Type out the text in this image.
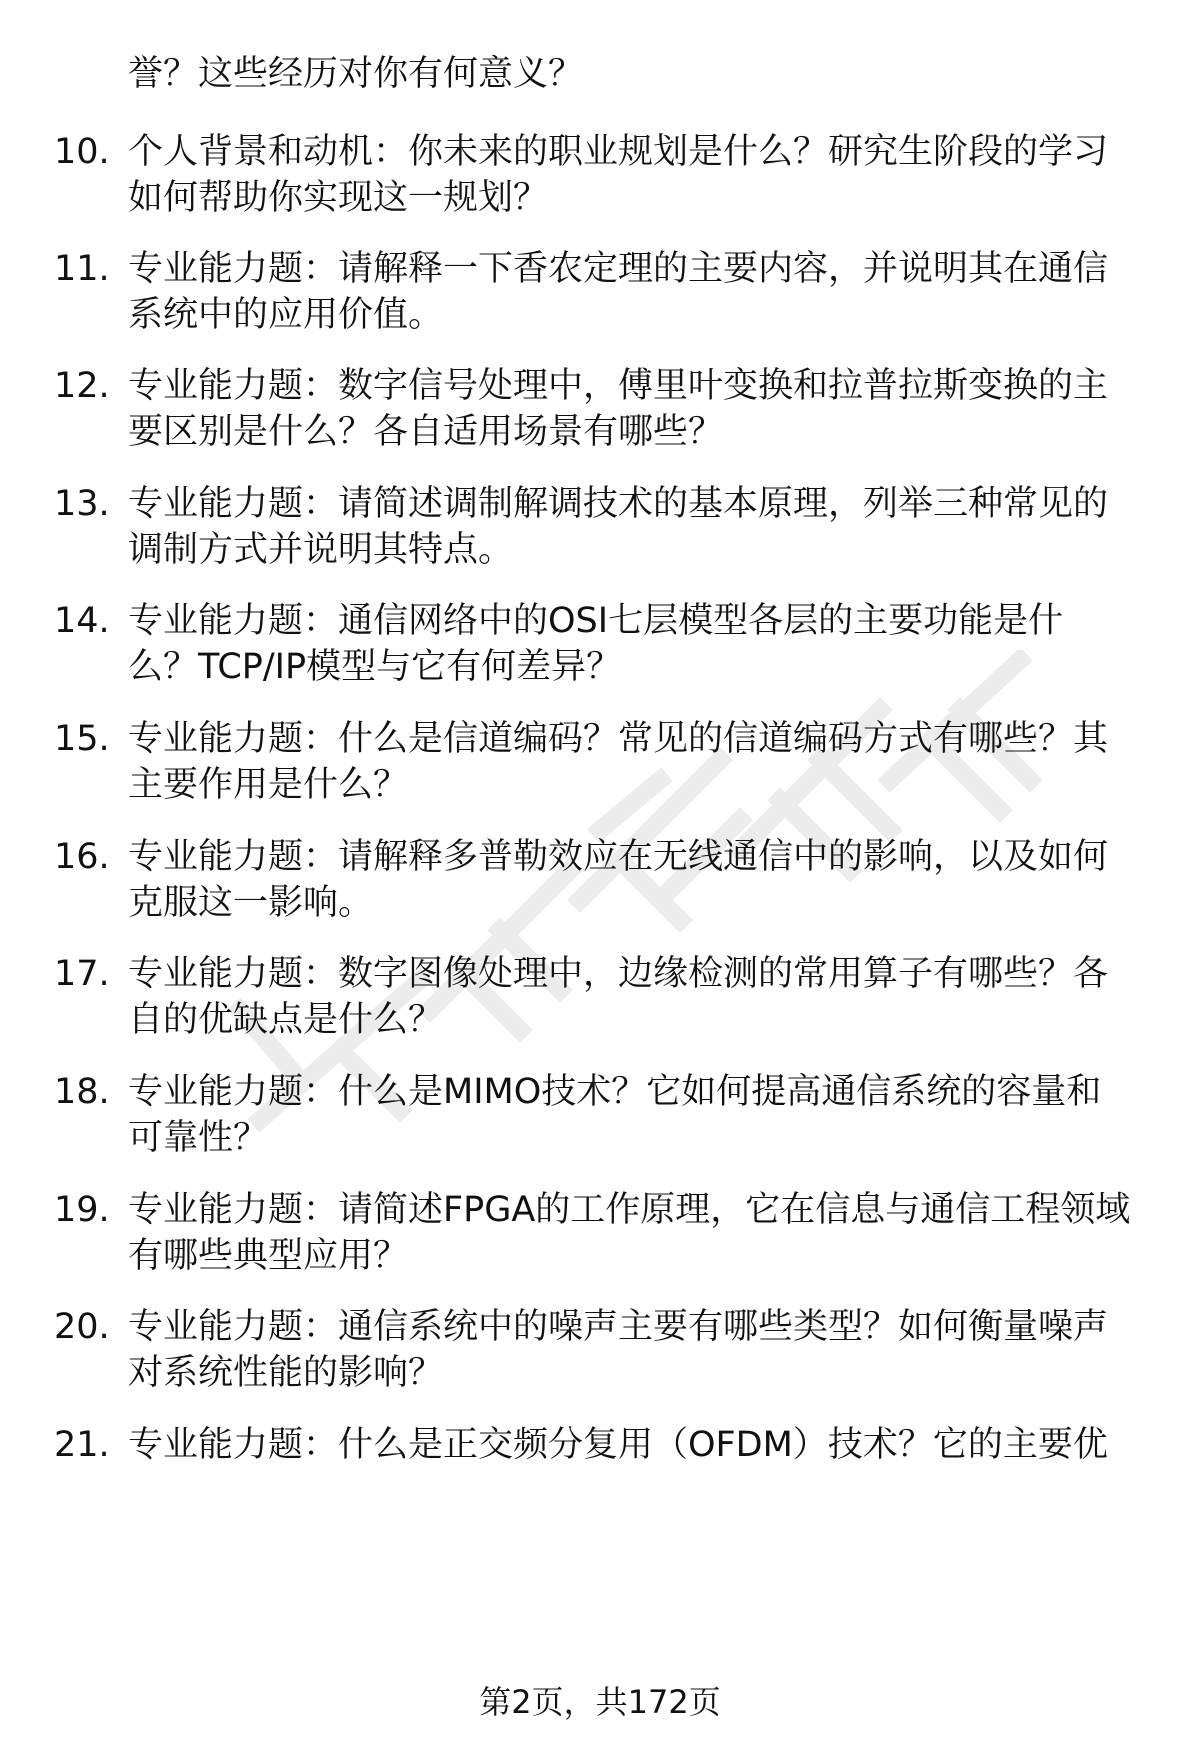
誉？这些经历对你有何意义？
10. 个人背景和动机：你未来的职业规划是什么？研究生阶段的学习
如何帮助你实现这一规划？
11. 专业能力题：请解释一下香农定理的主要内容，并说明其在通信
系统中的应用价值。
12. 专业能力题：数字信号处理中，傅里叶变换和拉普拉斯变换的主
要区别是什么？各自适用场景有哪些？
13. 专业能力题：请简述调制解调技术的基本原理，列举三种常见的
调制方式并说明其特点。
14. 专业能力题：通信网络中的OSI七层模型各层的主要功能是什
么？TCP/IP模型与它有何差异？
15. 专业能力题：什么是信道编码？常见的信道编码方式有哪些？其
主要作用是什么？
16. 专业能力题：请解释多普勒效应在无线通信中的影响，以及如何
克服这一影响。
17. 专业能力题：数字图像处理中，边缘检测的常用算子有哪些？各
自的优缺点是什么？
18. 专业能力题：什么是MIMO技术？它如何提高通信系统的容量和
可靠性？
19. 专业能力题：请简述FPGA的工作原理，它在信息与通信工程领域
有哪些典型应用？
20. 专业能力题：通信系统中的噪声主要有哪些类型？如何衡量噪声
对系统性能的影响？
21. 专业能力题：什么是正交频分复用（OFDM）技术？它的主要优
第2页，共172页
